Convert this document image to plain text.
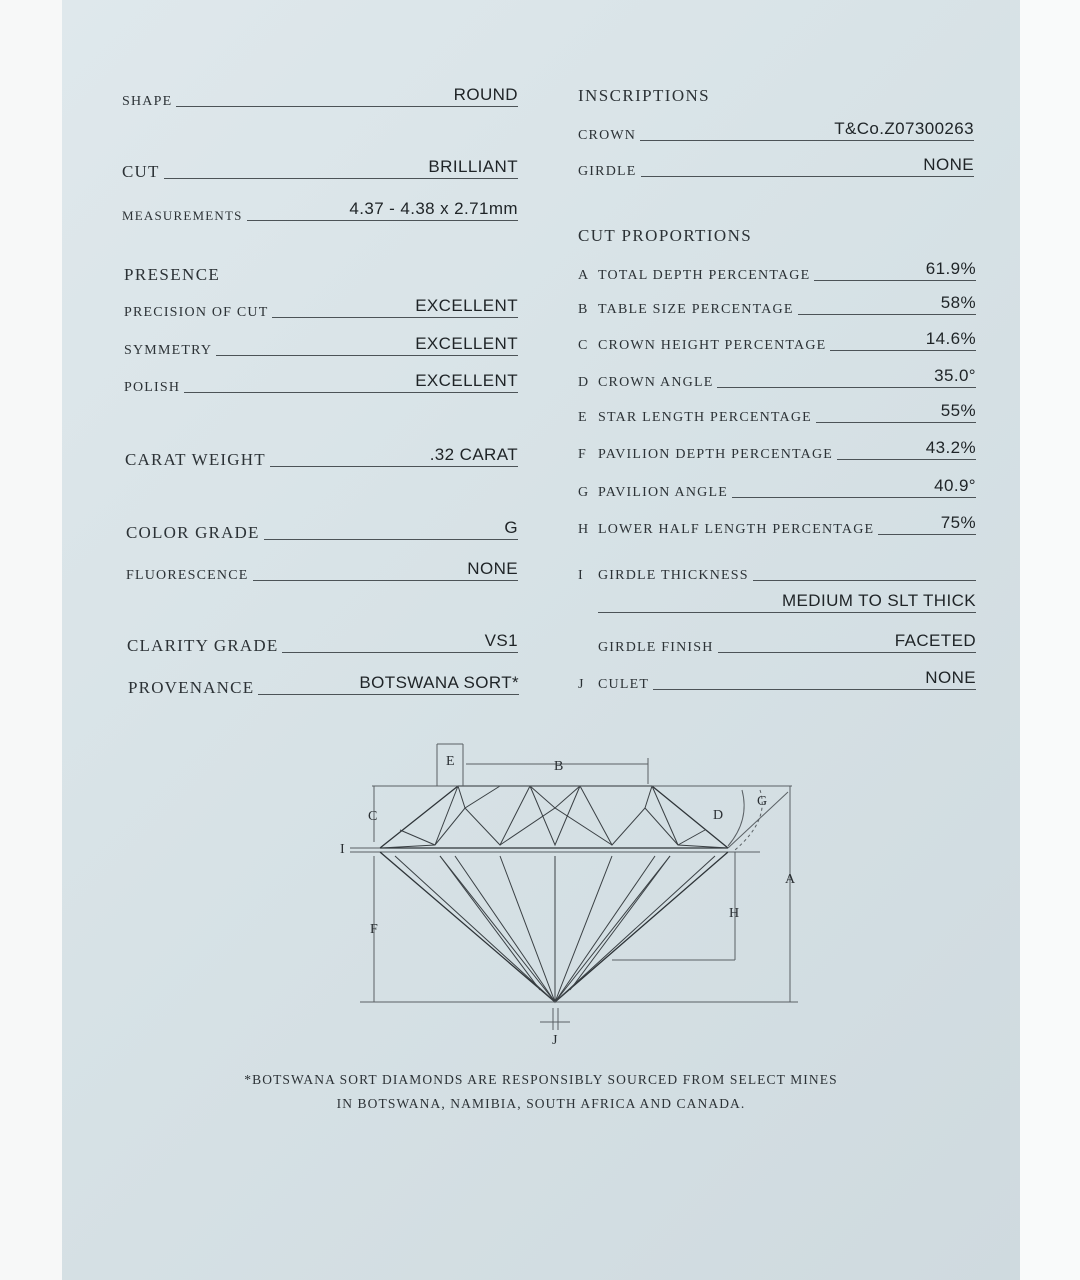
SHAPE	ROUND
CUT	BRILLIANT
MEASUREMENTS	4.37 - 4.38 x 2.71mm
PRESENCE
PRECISION OF CUT	EXCELLENT
SYMMETRY	EXCELLENT
POLISH	EXCELLENT
CARAT WEIGHT	.32 CARAT
COLOR GRADE	G
FLUORESCENCE	NONE
CLARITY GRADE	VS1
PROVENANCE	BOTSWANA SORT*
INSCRIPTIONS
CROWN	T&Co.Z07300263
GIRDLE	NONE
CUT PROPORTIONS
A TOTAL DEPTH PERCENTAGE	61.9%
B TABLE SIZE PERCENTAGE	58%
C CROWN HEIGHT PERCENTAGE	14.6%
D CROWN ANGLE	35.0°
E STAR LENGTH PERCENTAGE	55%
F PAVILION DEPTH PERCENTAGE	43.2%
G PAVILION ANGLE	40.9°
H LOWER HALF LENGTH PERCENTAGE	75%
I	GIRDLE THICKNESS
MEDIUM TO SLT THICK
GIRDLE FINISH	FACETED
J	CULET	NONE
E	B
C
I
D
G
A
H
F
J
*BOTSWANA SORT DIAMONDS ARE RESPONSIBLY SOURCED FROM SELECT MINES
IN BOTSWANA, NAMIBIA, SOUTH AFRICA AND CANADA.
